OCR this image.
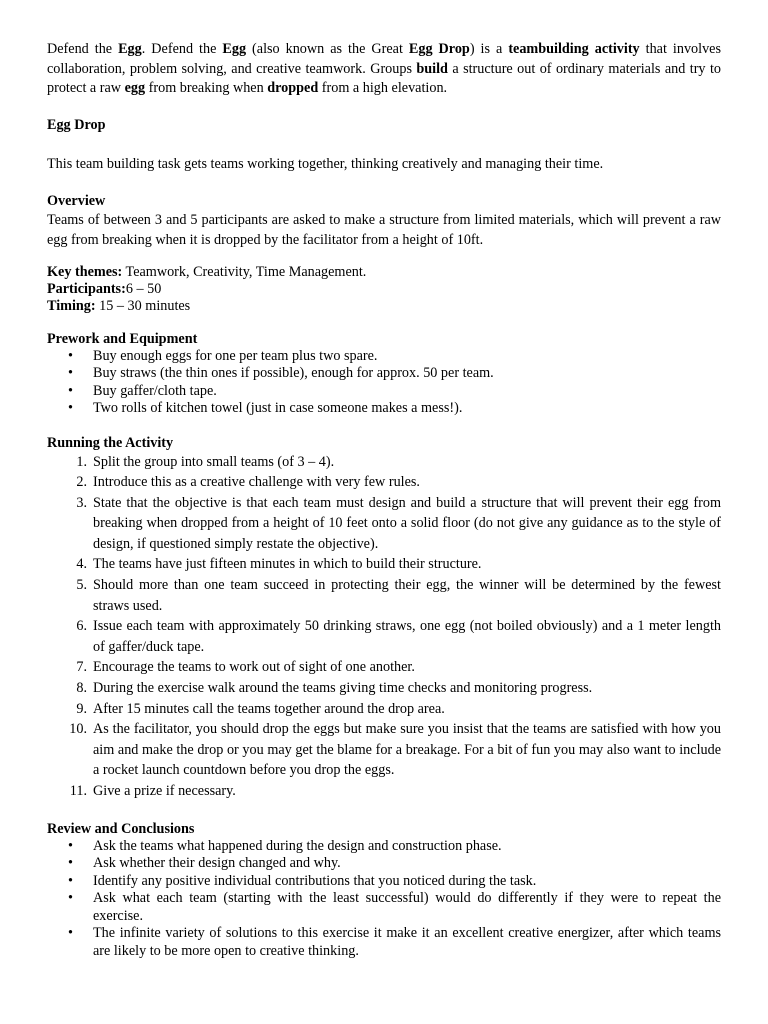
Defend the Egg. Defend the Egg (also known as the Great Egg Drop) is a teambuilding activity that involves collaboration, problem solving, and creative teamwork. Groups build a structure out of ordinary materials and try to protect a raw egg from breaking when dropped from a high elevation.

Egg Drop

This team building task gets teams working together, thinking creatively and managing their time.

Overview

Teams of between 3 and 5 participants are asked to make a structure from limited materials, which will prevent a raw egg from breaking when it is dropped by the facilitator from a height of 10ft.

Key themes: Teamwork, Creativity, Time Management.

Participants:6 – 50

Timing: 15 – 30 minutes

Prework and Equipment
• Buy enough eggs for one per team plus two spare.
• Buy straws (the thin ones if possible), enough for approx. 50 per team.
• Buy gaffer/cloth tape.
• Two rolls of kitchen towel (just in case someone makes a mess!).
Running the Activity
1. Split the group into small teams (of 3 – 4).
2. Introduce this as a creative challenge with very few rules.
3. State that the objective is that each team must design and build a structure that will prevent their egg from breaking when dropped from a height of 10 feet onto a solid floor (do not give any guidance as to the style of design, if questioned simply restate the objective).
4. The teams have just fifteen minutes in which to build their structure.
5. Should more than one team succeed in protecting their egg, the winner will be determined by the fewest straws used.
6. Issue each team with approximately 50 drinking straws, one egg (not boiled obviously) and a 1 meter length of gaffer/duck tape.
7. Encourage the teams to work out of sight of one another.
8. During the exercise walk around the teams giving time checks and monitoring progress.
9. After 15 minutes call the teams together around the drop area.
10. As the facilitator, you should drop the eggs but make sure you insist that the teams are satisfied with how you aim and make the drop or you may get the blame for a breakage. For a bit of fun you may also want to include a rocket launch countdown before you drop the eggs.
11. Give a prize if necessary.
Review and Conclusions
• Ask the teams what happened during the design and construction phase.
• Ask whether their design changed and why.
• Identify any positive individual contributions that you noticed during the task.
• Ask what each team (starting with the least successful) would do differently if they were to repeat the exercise.
• The infinite variety of solutions to this exercise it make it an excellent creative energizer, after which teams are likely to be more open to creative thinking.
